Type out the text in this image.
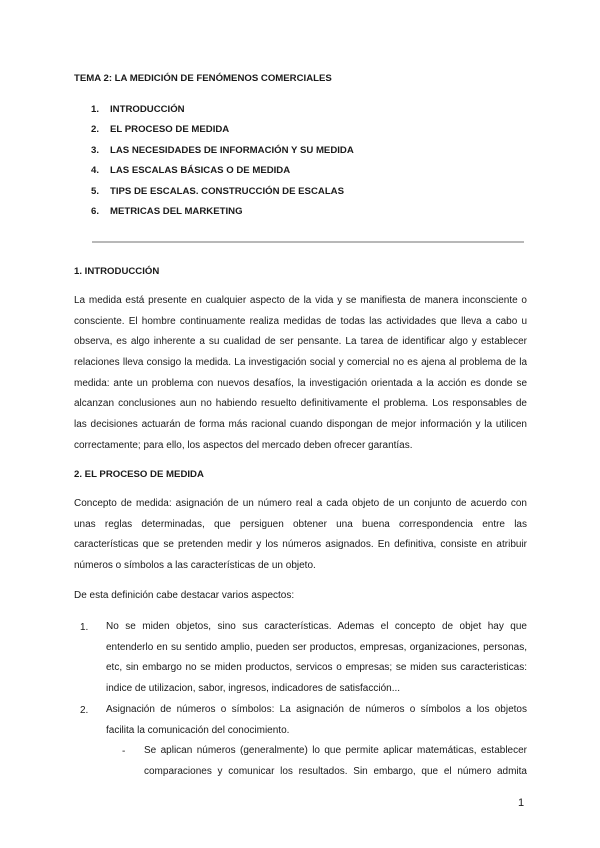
TEMA 2: LA MEDICIÓN DE FENÓMENOS COMERCIALES
1.	INTRODUCCIÓN
2.	EL PROCESO DE MEDIDA
3.	LAS NECESIDADES DE INFORMACIÓN Y SU MEDIDA
4.	LAS ESCALAS BÁSICAS O DE MEDIDA
5.	TIPS DE ESCALAS. CONSTRUCCIÓN DE ESCALAS
6.	METRICAS DEL MARKETING
1. INTRODUCCIÓN
La medida está presente en cualquier aspecto de la vida y se manifiesta de manera inconsciente o
consciente. El hombre continuamente realiza medidas de todas las actividades que lleva a cabo u
observa, es algo inherente a su cualidad de ser pensante. La tarea de identificar algo y establecer
relaciones lleva consigo la medida. La investigación social y comercial no es ajena al problema de la
medida: ante un problema con nuevos desafíos, la investigación orientada a la acción es donde se
alcanzan conclusiones aun no habiendo resuelto definitivamente el problema. Los responsables de
las decisiones actuarán de forma más racional cuando dispongan de mejor información y la utilicen
correctamente; para ello, los aspectos del mercado deben ofrecer garantías.
2. EL PROCESO DE MEDIDA
Concepto de medida: asignación de un número real a cada objeto de un conjunto de acuerdo con
unas reglas determinadas, que persiguen obtener una buena correspondencia entre las
características que se pretenden medir y los números asignados. En definitiva, consiste en atribuir
números o símbolos a las características de un objeto.
De esta definición cabe destacar varios aspectos:
1.	No se miden objetos, sino sus características. Ademas el concepto de objet hay que
entenderlo en su sentido amplio, pueden ser productos, empresas, organizaciones, personas,
etc, sin embargo no se miden productos, servicos o empresas; se miden sus caracteristicas:
indice de utilizacion, sabor, ingresos, indicadores de satisfacción...
2.	Asignación de números o símbolos: La asignación de números o símbolos a los objetos
facilita la comunicación del conocimiento.
- Se aplican números (generalmente) lo que permite aplicar matemáticas, establecer
comparaciones y comunicar los resultados. Sin embargo, que el número admita
1
